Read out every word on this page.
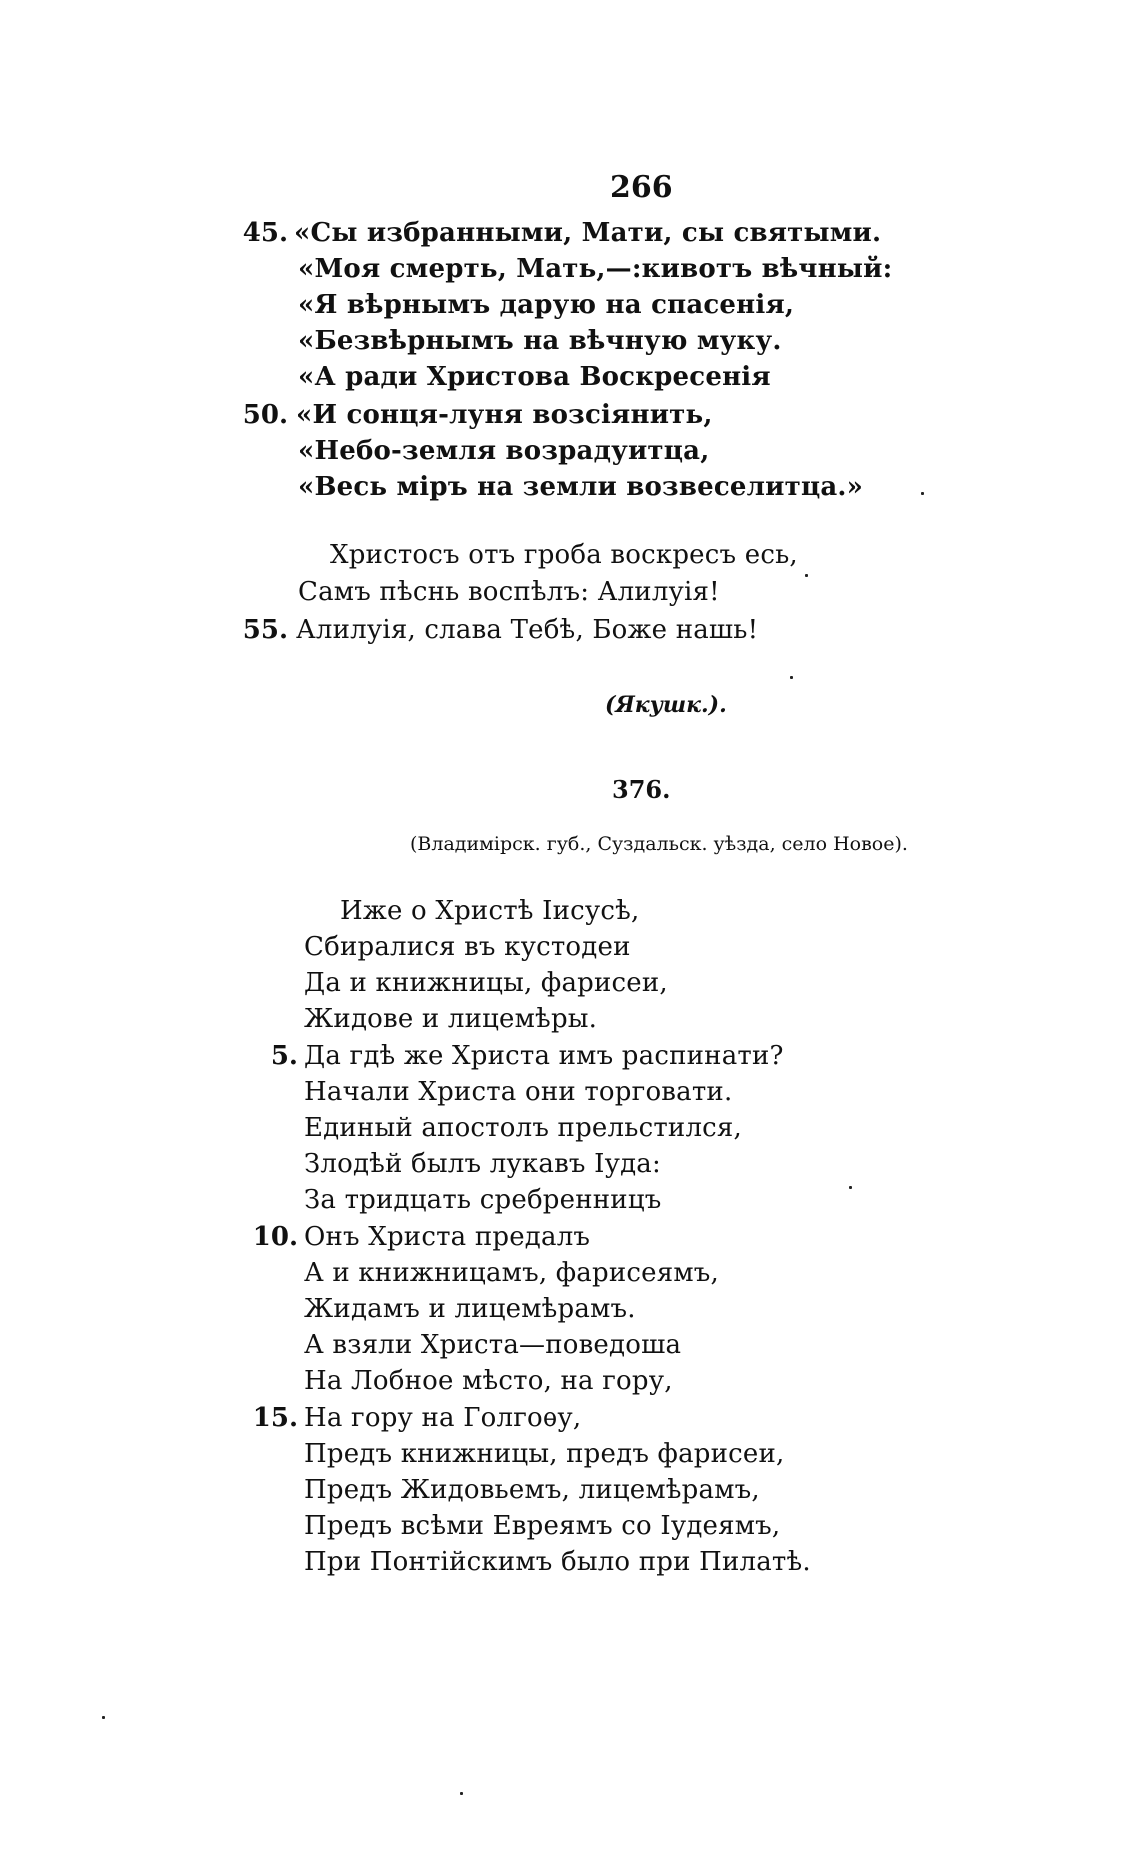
266
45.
50.
55.
«Сы избранными, Мати, сы святыми.
«Моя смерть, Мать,—:кивотъ вѣчный:
«Я вѣрнымъ дарую на спасенія,
«Безвѣрнымъ на вѣчную муку.
«А ради Христова Воскресенія
«И сонця-луня возсіянить,
«Небо-земля возрадуитца,
«Весь міръ на земли возвеселитца.»
Христосъ отъ гроба воскресъ есь,
Самъ пѣснь воспѣлъ: Алилуія!
Алилуія, слава Тебѣ, Боже нашь!
(Якушк.).
376.
(Владимірск. губ., Суздальск. уѣзда, село Новое).
5.
10.
15.
Иже о Христѣ Іисусѣ,
Сбиралися въ кустодеи
Да и книжницы, фарисеи,
Жидове и лицемѣры.
Да гдѣ же Христа имъ распинати?
Начали Христа они торговати.
Единый апостолъ прельстился,
Злодѣй былъ лукавъ Іуда:
За тридцать сребренницъ
Онъ Христа предалъ
А и книжницамъ, фарисеямъ,
Жидамъ и лицемѣрамъ.
А взяли Христа—поведоша
На Лобное мѣсто, на гору,
На гору на Голгоѳу,
Предъ книжницы, предъ фарисеи,
Предъ Жидовьемъ, лицемѣрамъ,
Предъ всѣми Евреямъ со Іудеямъ,
При Понтійскимъ было при Пилатѣ.
